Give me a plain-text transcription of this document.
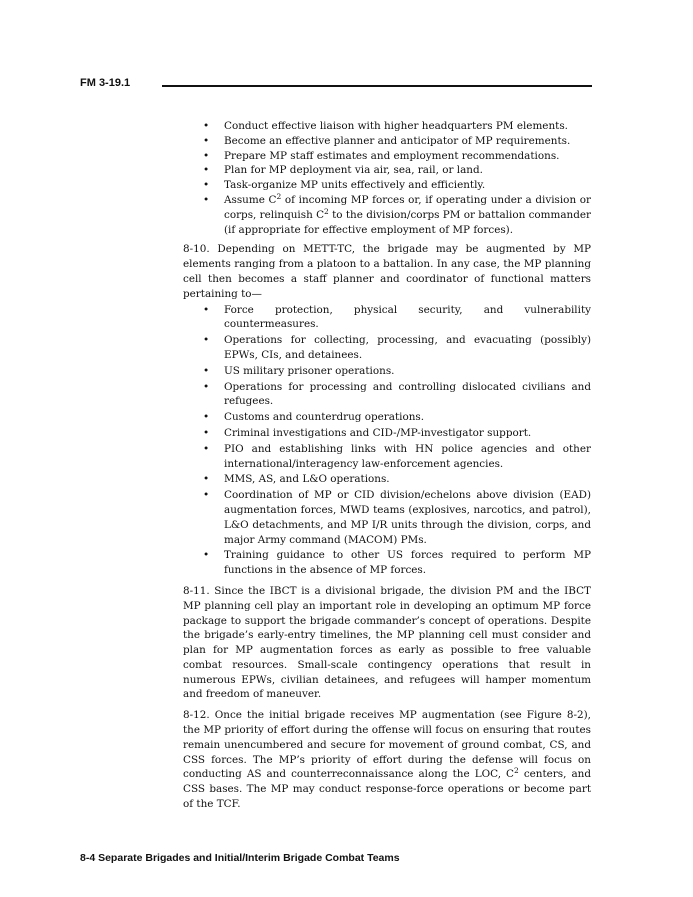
FM 3-19.1
• Conduct effective liaison with higher headquarters PM elements.
• Become an effective planner and anticipator of MP requirements.
• Prepare MP staff estimates and employment recommendations.
• Plan for MP deployment via air, sea, rail, or land.
• Task-organize MP units effectively and efficiently.
• Assume $C^2$ of incoming MP forces or, if operating under a division or corps, relinquish $C^2$ to the division/corps PM or battalion commander (if appropriate for effective employment of MP forces).

8-10. Depending on METT-TC, the brigade may be augmented by MP elements ranging from a platoon to a battalion. In any case, the MP planning cell then becomes a staff planner and coordinator of functional matters pertaining to—

• Force protection, physical security, and vulnerability countermeasures.
• Operations for collecting, processing, and evacuating (possibly) EPWs, CIs, and detainees.
• US military prisoner operations.
• Operations for processing and controlling dislocated civilians and refugees.
• Customs and counterdrug operations.
• Criminal investigations and CID-/MP-investigator support.
• PIO and establishing links with HN police agencies and other international/interagency law-enforcement agencies.
• MMS, AS, and L&O operations.
• Coordination of MP or CID division/echelons above division (EAD) augmentation forces, MWD teams (explosives, narcotics, and patrol), L&O detachments, and MP I/R units through the division, corps, and major Army command (MACOM) PMs.
• Training guidance to other US forces required to perform MP functions in the absence of MP forces.

8-11. Since the IBCT is a divisional brigade, the division PM and the IBCT MP planning cell play an important role in developing an optimum MP force package to support the brigade commander’s concept of operations. Despite the brigade’s early-entry timelines, the MP planning cell must consider and plan for MP augmentation forces as early as possible to free valuable combat resources. Small-scale contingency operations that result in numerous EPWs, civilian detainees, and refugees will hamper momentum and freedom of maneuver.

8-12. Once the initial brigade receives MP augmentation (see Figure 8-2), the MP priority of effort during the offense will focus on ensuring that routes remain unencumbered and secure for movement of ground combat, CS, and CSS forces. The MP’s priority of effort during the defense will focus on conducting AS and counterreconnaissance along the LOC, $C^2$ centers, and CSS bases. The MP may conduct response-force operations or become part of the TCF.

8-4 Separate Brigades and Initial/Interim Brigade Combat Teams
